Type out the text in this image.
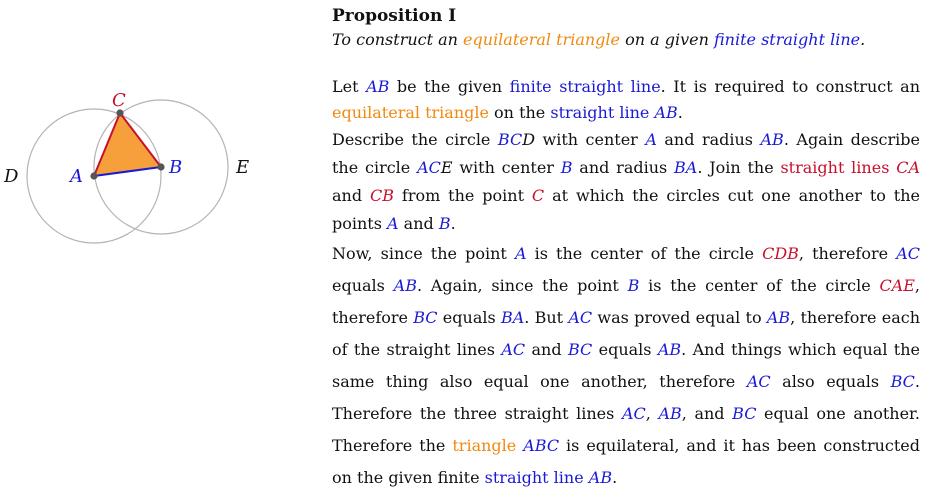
C
A	B
D	E
Proposition I

To construct an equilateral triangle on a given finite straight line.

Let AB be the given finite straight line. It is required to construct an equilateral triangle on the straight line AB.

Describe the circle BCD with center A and radius AB. Again describe the circle ACE with center B and radius BA. Join the straight lines CA and CB from the point C at which the circles cut one another to the points A and B.

Now, since the point A is the center of the circle CDB, therefore AC equals AB. Again, since the point B is the center of the circle CAE, therefore BC equals BA. But AC was proved equal to AB, therefore each of the straight lines AC and BC equals AB. And things which equal the same thing also equal one another, therefore AC also equals BC. Therefore the three straight lines AC, AB, and BC equal one another. Therefore the triangle ABC is equilateral, and it has been constructed on the given finite straight line AB.
